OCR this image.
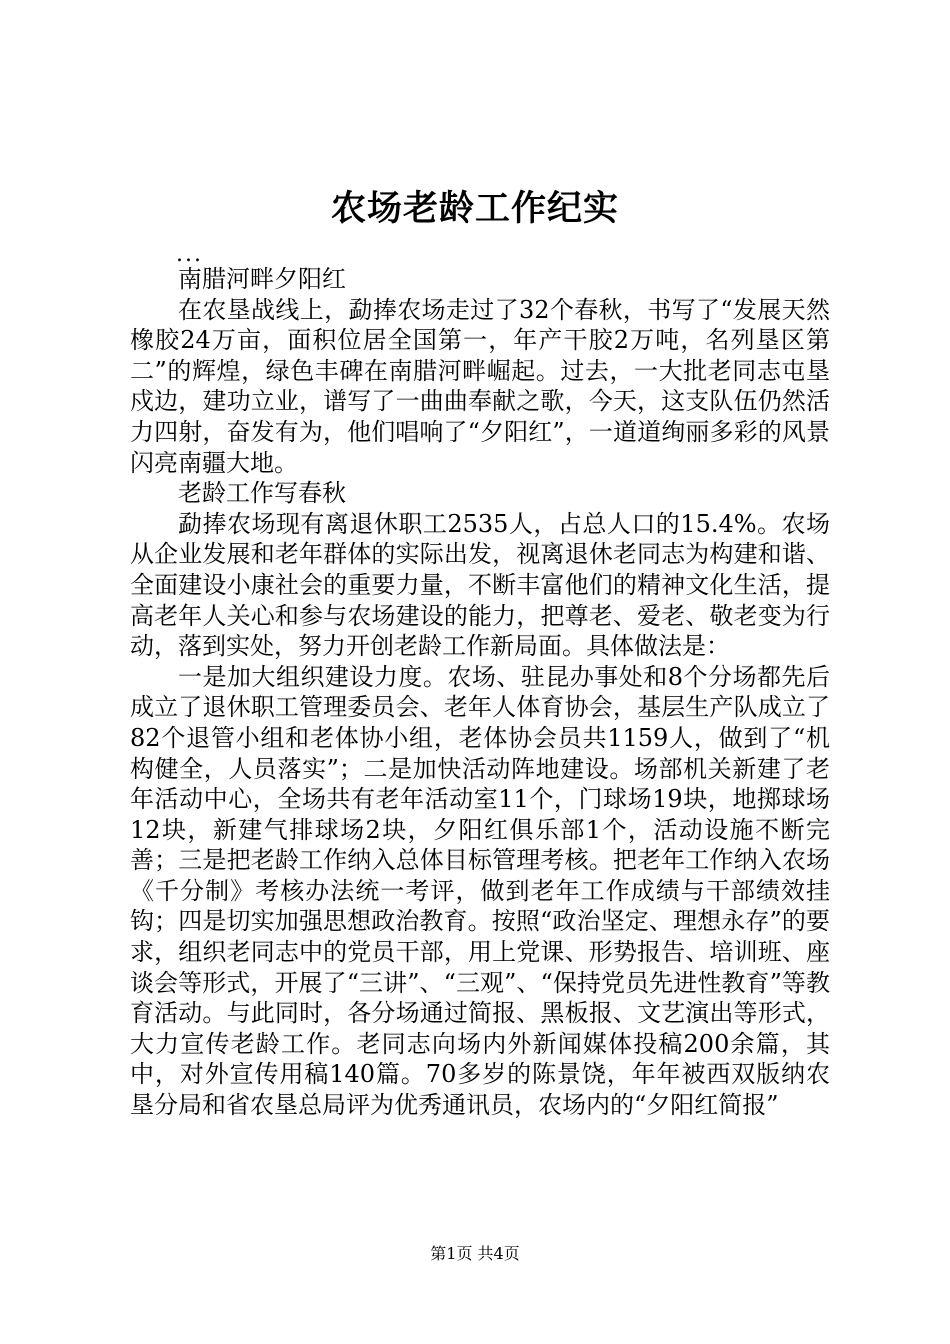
农场老龄工作纪实
...

南腊河畔夕阳红

在农垦战线上，勐捧农场走过了32个春秋，书写了“发展天然橡胶24万亩，面积位居全国第一，年产干胶2万吨，名列垦区第二”的辉煌，绿色丰碑在南腊河畔崛起。过去，一大批老同志屯垦戍边，建功立业，谱写了一曲曲奉献之歌，今天，这支队伍仍然活力四射，奋发有为，他们唱响了“夕阳红”，一道道绚丽多彩的风景闪亮南疆大地。

老龄工作写春秋

勐捧农场现有离退休职工2535人，占总人口的15.4%。农场从企业发展和老年群体的实际出发，视离退休老同志为构建和谐、全面建设小康社会的重要力量，不断丰富他们的精神文化生活，提高老年人关心和参与农场建设的能力，把尊老、爱老、敬老变为行动，落到实处，努力开创老龄工作新局面。具体做法是：

一是加大组织建设力度。农场、驻昆办事处和8个分场都先后成立了退休职工管理委员会、老年人体育协会，基层生产队成立了82个退管小组和老体协小组，老体协会员共1159人，做到了“机构健全，人员落实”；二是加快活动阵地建设。场部机关新建了老年活动中心，全场共有老年活动室11个，门球场19块，地掷球场12块，新建气排球场2块，夕阳红俱乐部1个，活动设施不断完善；三是把老龄工作纳入总体目标管理考核。把老年工作纳入农场《千分制》考核办法统一考评，做到老年工作成绩与干部绩效挂钩；四是切实加强思想政治教育。按照“政治坚定、理想永存”的要求，组织老同志中的党员干部，用上党课、形势报告、培训班、座谈会等形式，开展了“三讲”、“三观”、“保持党员先进性教育”等教育活动。与此同时，各分场通过简报、黑板报、文艺演出等形式，大力宣传老龄工作。老同志向场内外新闻媒体投稿200余篇，其中，对外宣传用稿140篇。70多岁的陈景饶，年年被西双版纳农垦分局和省农垦总局评为优秀通讯员，农场内的“夕阳红简报”

第1页 共4页
